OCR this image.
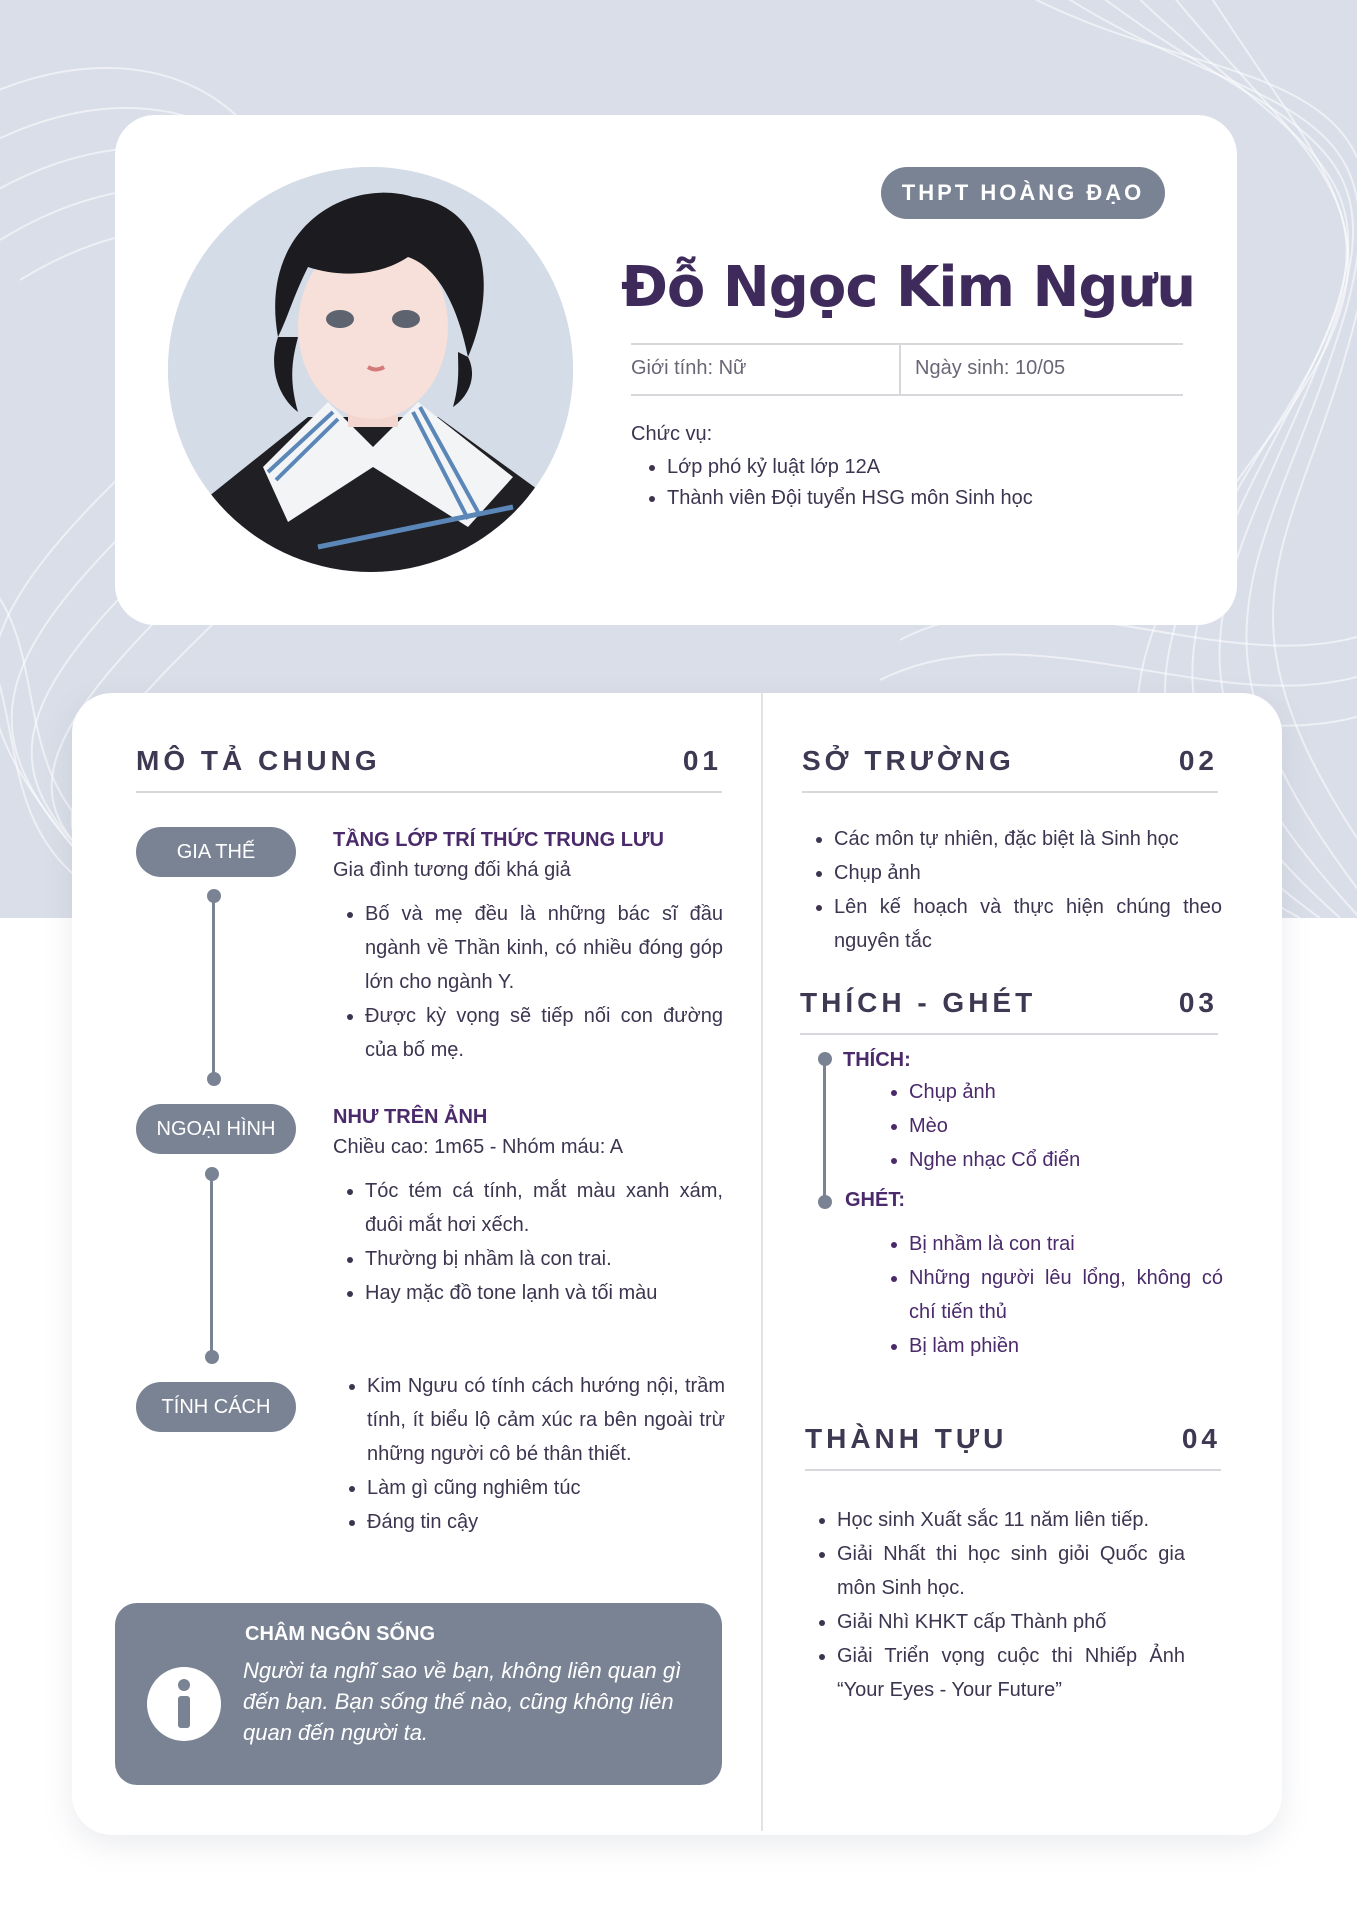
THPT HOÀNG ĐẠO
Đỗ Ngọc Kim Ngưu
Giới tính: Nữ	Ngày sinh: 10/05
Chức vụ:
• Lớp phó kỷ luật lớp 12A
• Thành viên Đội tuyển HSG môn Sinh học
MÔ TẢ CHUNG	01
GIA THẾ
TẦNG LỚP TRÍ THỨC TRUNG LƯU
Gia đình tương đối khá giả
• Bố và mẹ đều là những bác sĩ đầu ngành về Thần kinh, có nhiều đóng góp lớn cho ngành Y.
• Được kỳ vọng sẽ tiếp nối con đường của bố mẹ.
NGOẠI HÌNH
NHƯ TRÊN ẢNH
Chiều cao: 1m65 - Nhóm máu: A
• Tóc tém cá tính, mắt màu xanh xám, đuôi mắt hơi xếch.
• Thường bị nhầm là con trai.
• Hay mặc đồ tone lạnh và tối màu
TÍNH CÁCH
• Kim Ngưu có tính cách hướng nội, trầm tính, ít biểu lộ cảm xúc ra bên ngoài trừ những người cô bé thân thiết.
• Làm gì cũng nghiêm túc
• Đáng tin cậy
CHÂM NGÔN SỐNG
Người ta nghĩ sao về bạn, không liên quan gì đến bạn. Bạn sống thế nào, cũng không liên quan đến người ta.
SỞ TRƯỜNG	02
• Các môn tự nhiên, đặc biệt là Sinh học
• Chụp ảnh
• Lên kế hoạch và thực hiện chúng theo nguyên tắc
THÍCH - GHÉT	03
THÍCH:
• Chụp ảnh
• Mèo
• Nghe nhạc Cổ điển
GHÉT:
• Bị nhầm là con trai
• Những người lêu lổng, không có chí tiến thủ
• Bị làm phiền
THÀNH TỰU	04
• Học sinh Xuất sắc 11 năm liên tiếp.
• Giải Nhất thi học sinh giỏi Quốc gia môn Sinh học.
• Giải Nhì KHKT cấp Thành phố
• Giải Triển vọng cuộc thi Nhiếp Ảnh “Your Eyes - Your Future”
